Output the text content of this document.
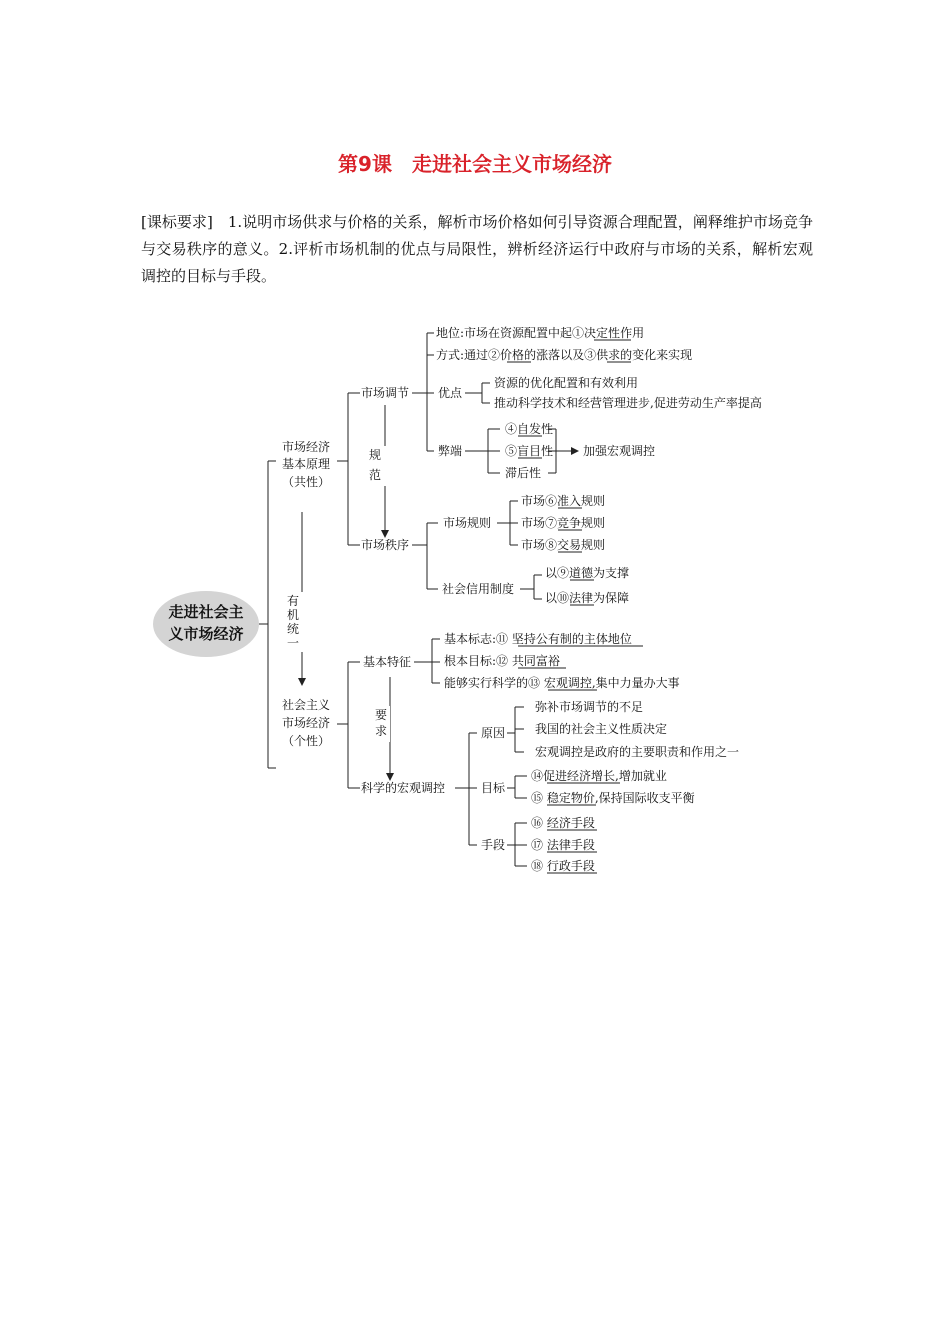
第9课　走进社会主义市场经济
[课标要求]　 1.说明市场供求与价格的关系，解析市场价格如何引导资源合理配置，阐释维护市场竞争与交易秩序的意义。2.评析市场机制的优点与局限性，辨析经济运行中政府与市场的关系，解析宏观调控的目标与手段。
走进社会主
义市场经济
市场经济
基本原理
（共性）
社会主义
市场经济
（个性）
有
机
统
一
市场调节
规
范
地位:市场在资源配置中起①决定性作用
方式:通过②价格的涨落以及③供求的变化来实现
优点
资源的优化配置和有效利用
推动科学技术和经营管理进步,促进劳动生产率提高
弊端
④自发性
⑤盲目性
滞后性
加强宏观调控
市场秩序
市场规则
市场⑥准入规则
市场⑦竞争规则
市场⑧交易规则
社会信用制度
以⑨道德为支撑
以⑩法律为保障
基本特征
基本标志:⑪ 坚持公有制的主体地位
根本目标:⑫ 共同富裕
能够实行科学的⑬ 宏观调控,集中力量办大事
要
求
科学的宏观调控
原因
弥补市场调节的不足
我国的社会主义性质决定
宏观调控是政府的主要职责和作用之一
目标
⑭促进经济增长,增加就业
⑮ 稳定物价,保持国际收支平衡
手段
⑯ 经济手段
⑰ 法律手段
⑱ 行政手段
